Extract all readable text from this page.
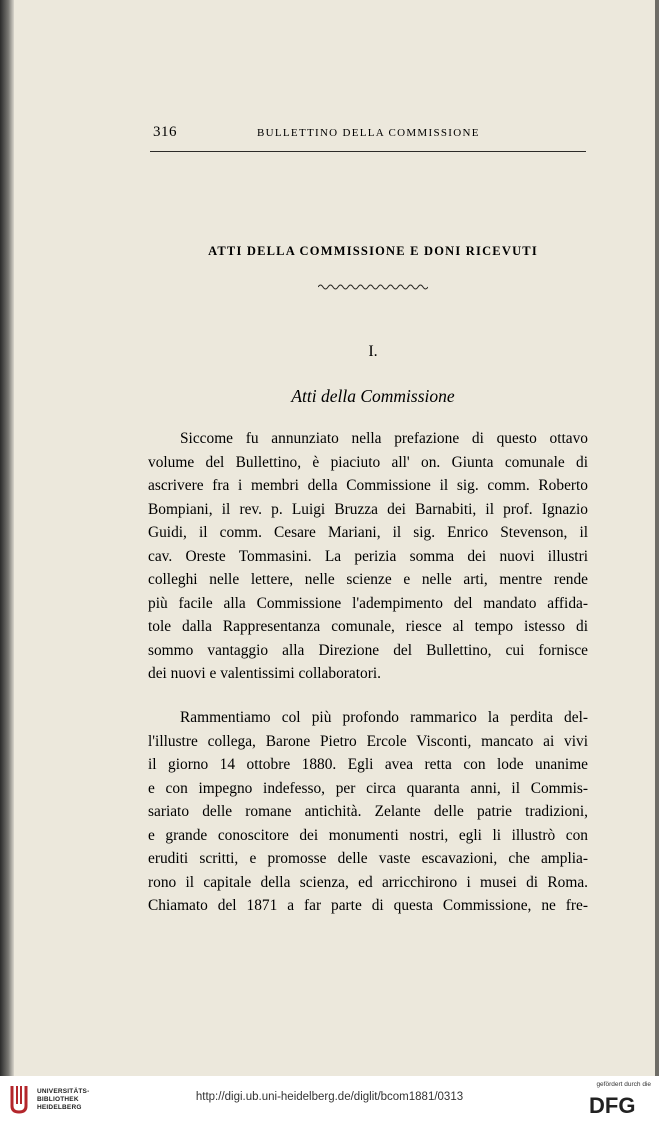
316	BULLETTINO DELLA COMMISSIONE
ATTI DELLA COMMISSIONE E DONI RICEVUTI
I.
Atti della Commissione
Siccome fu annunziato nella prefazione di questo ottavo
volume del Bullettino, è piaciuto all' on. Giunta comunale di
ascrivere fra i membri della Commissione il sig. comm. Roberto
Bompiani, il rev. p. Luigi Bruzza dei Barnabiti, il prof. Ignazio
Guidi, il comm. Cesare Mariani, il sig. Enrico Stevenson, il
cav. Oreste Tommasini. La perizia somma dei nuovi illustri
colleghi nelle lettere, nelle scienze e nelle arti, mentre rende
più facile alla Commissione l'adempimento del mandato affida-
tole dalla Rappresentanza comunale, riesce al tempo istesso di
sommo vantaggio alla Direzione del Bullettino, cui fornisce
dei nuovi e valentissimi collaboratori.
Rammentiamo col più profondo rammarico la perdita del-
l'illustre collega, Barone Pietro Ercole Visconti, mancato ai vivi
il giorno 14 ottobre 1880. Egli avea retta con lode unanime
e con impegno indefesso, per circa quaranta anni, il Commis-
sariato delle romane antichità. Zelante delle patrie tradizioni,
e grande conoscitore dei monumenti nostri, egli li illustrò con
eruditi scritti, e promosse delle vaste escavazioni, che amplia-
rono il capitale della scienza, ed arricchirono i musei di Roma.
Chiamato del 1871 a far parte di questa Commissione, ne fre-
UNIVERSITÄTS-
BIBLIOTHEK
HEIDELBERG
http://digi.ub.uni-heidelberg.de/diglit/bcom1881/0313
gefördert durch die
DFG
